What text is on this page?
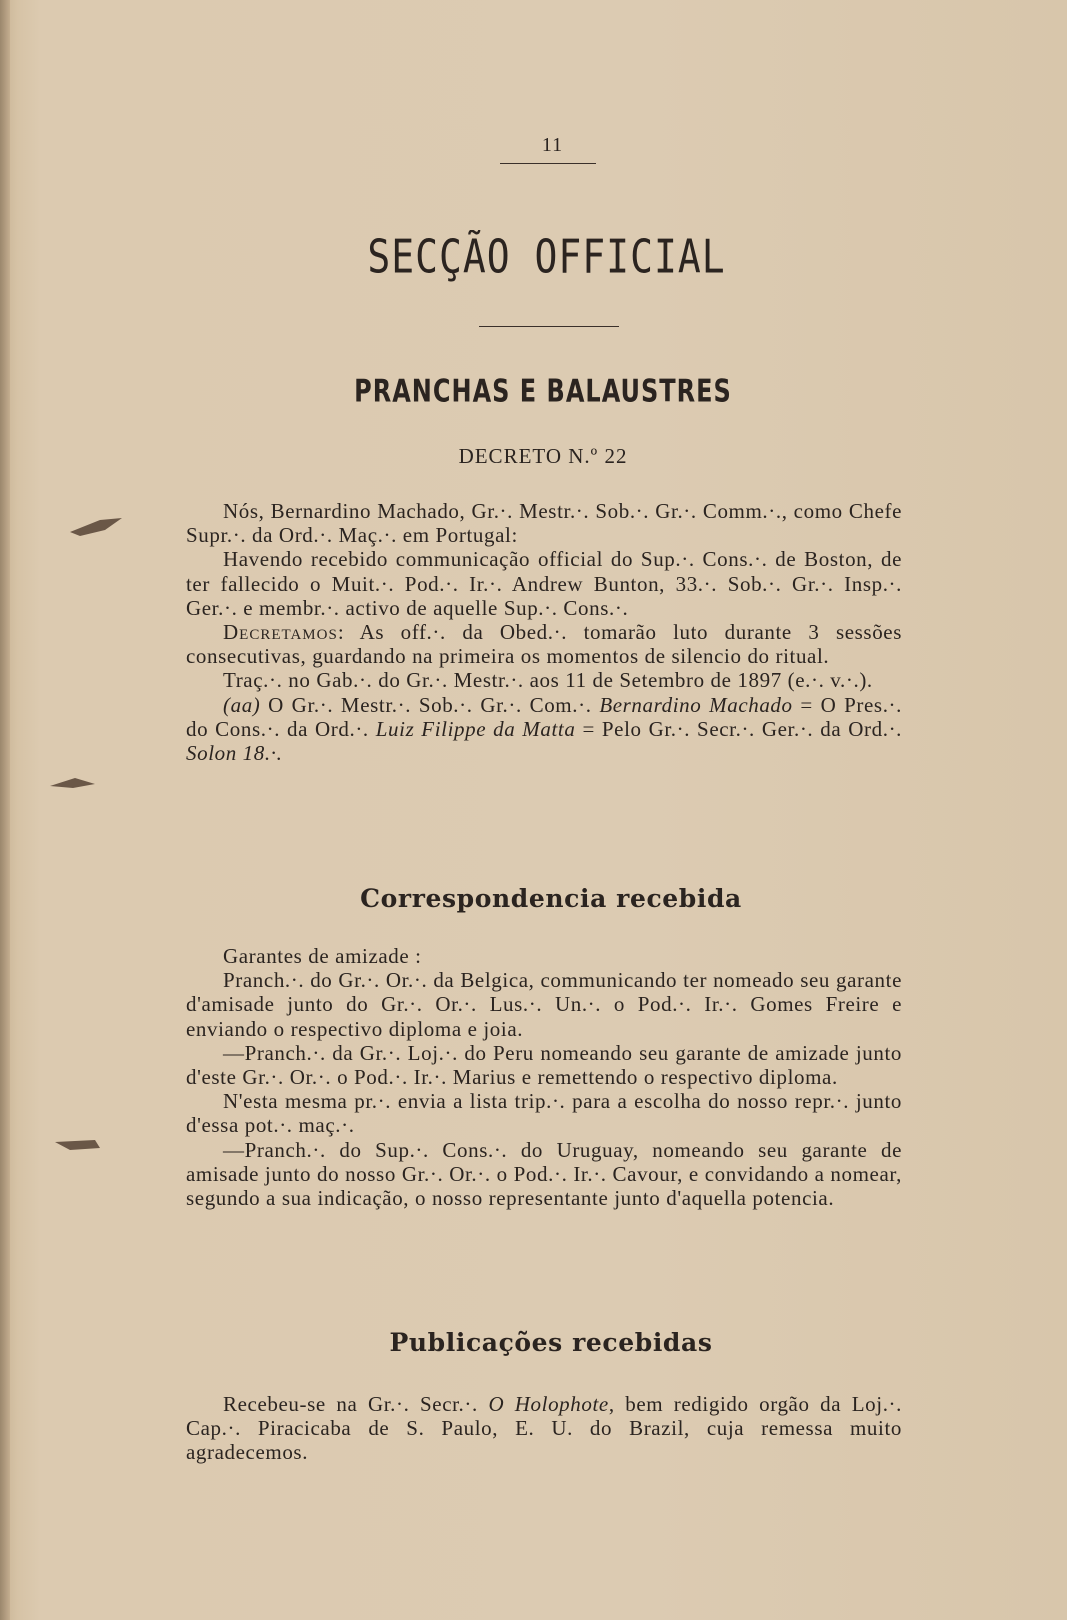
11
SECÇÃO OFFICIAL
PRANCHAS E BALAUSTRES
DECRETO N.º 22

Nós, Bernardino Machado, Gr.·. Mestr.·. Sob.·. Gr.·. Comm.·., como Chefe Supr.·. da Ord.·. Maç.·. em Portugal:

Havendo recebido communicação official do Sup.·. Cons.·. de Boston, de ter fallecido o Muit.·. Pod.·. Ir.·. Andrew Bunton, 33.·. Sob.·. Gr.·. Insp.·. Ger.·. e membr.·. activo de aquelle Sup.·. Cons.·.

Decretamos: As off.·. da Obed.·. tomarão luto durante 3 sessões consecutivas, guardando na primeira os momentos de silencio do ritual.

Traç.·. no Gab.·. do Gr.·. Mestr.·. aos 11 de Setembro de 1897 (e.·. v.·.).

(aa) O Gr.·. Mestr.·. Sob.·. Gr.·. Com.·. Bernardino Machado = O Pres.·. do Cons.·. da Ord.·. Luiz Filippe da Matta = Pelo Gr.·. Secr.·. Ger.·. da Ord.·. Solon 18.·.

Correspondencia recebida

Garantes de amizade :

Pranch.·. do Gr.·. Or.·. da Belgica, communicando ter nomeado seu garante d'amisade junto do Gr.·. Or.·. Lus.·. Un.·. o Pod.·. Ir.·. Gomes Freire e enviando o respectivo diploma e joia.

—Pranch.·. da Gr.·. Loj.·. do Peru nomeando seu garante de amizade junto d'este Gr.·. Or.·. o Pod.·. Ir.·. Marius e remettendo o respectivo diploma.

N'esta mesma pr.·. envia a lista trip.·. para a escolha do nosso repr.·. junto d'essa pot.·. maç.·.

—Pranch.·. do Sup.·. Cons.·. do Uruguay, nomeando seu garante de amisade junto do nosso Gr.·. Or.·. o Pod.·. Ir.·. Cavour, e convidando a nomear, segundo a sua indicação, o nosso representante junto d'aquella potencia.

Publicações recebidas

Recebeu-se na Gr.·. Secr.·. O Holophote, bem redigido orgão da Loj.·. Cap.·. Piracicaba de S. Paulo, E. U. do Brazil, cuja remessa muito agradecemos.
